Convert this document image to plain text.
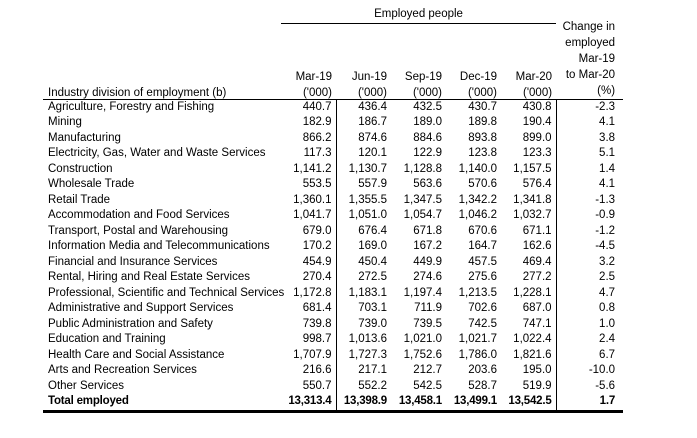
	Employed people					Change in
employed
Mar-19
to Mar-20
(%)

Industry division of employment (b)						
	Mar-19	Jun-19	Sep-19	Dec-19	Mar-20	
	('000)	('000)	('000)	('000)	('000)	
Agriculture, Forestry and Fishing	440.7	436.4	432.5	430.7	430.8	-2.3
Mining	182.9	186.7	189.0	189.8	190.4	4.1
Manufacturing	866.2	874.6	884.6	893.8	899.0	3.8
Electricity, Gas, Water and Waste Services	117.3	120.1	122.9	123.8	123.3	5.1
Construction	1,141.2	1,130.7	1,128.8	1,140.0	1,157.5	1.4
Wholesale Trade	553.5	557.9	563.6	570.6	576.4	4.1
Retail Trade	1,360.1	1,355.5	1,347.5	1,342.2	1,341.8	-1.3
Accommodation and Food Services	1,041.7	1,051.0	1,054.7	1,046.2	1,032.7	-0.9
Transport, Postal and Warehousing	679.0	676.4	671.8	670.6	671.1	-1.2
Information Media and Telecommunications	170.2	169.0	167.2	164.7	162.6	-4.5
Financial and Insurance Services	454.9	450.4	449.9	457.5	469.4	3.2
Rental, Hiring and Real Estate Services	270.4	272.5	274.6	275.6	277.2	2.5
Professional, Scientific and Technical Services	1,172.8	1,183.1	1,197.4	1,213.5	1,228.1	4.7
Administrative and Support Services	681.4	703.1	711.9	702.6	687.0	0.8
Public Administration and Safety	739.8	739.0	739.5	742.5	747.1	1.0
Education and Training	998.7	1,013.6	1,021.0	1,021.7	1,022.4	2.4
Health Care and Social Assistance	1,707.9	1,727.3	1,752.6	1,786.0	1,821.6	6.7
Arts and Recreation Services	216.6	217.1	212.7	203.6	195.0	-10.0
Other Services	550.7	552.2	542.5	528.7	519.9	-5.6
Total employed	13,313.4	13,398.9	13,458.1	13,499.1	13,542.5	1.7
